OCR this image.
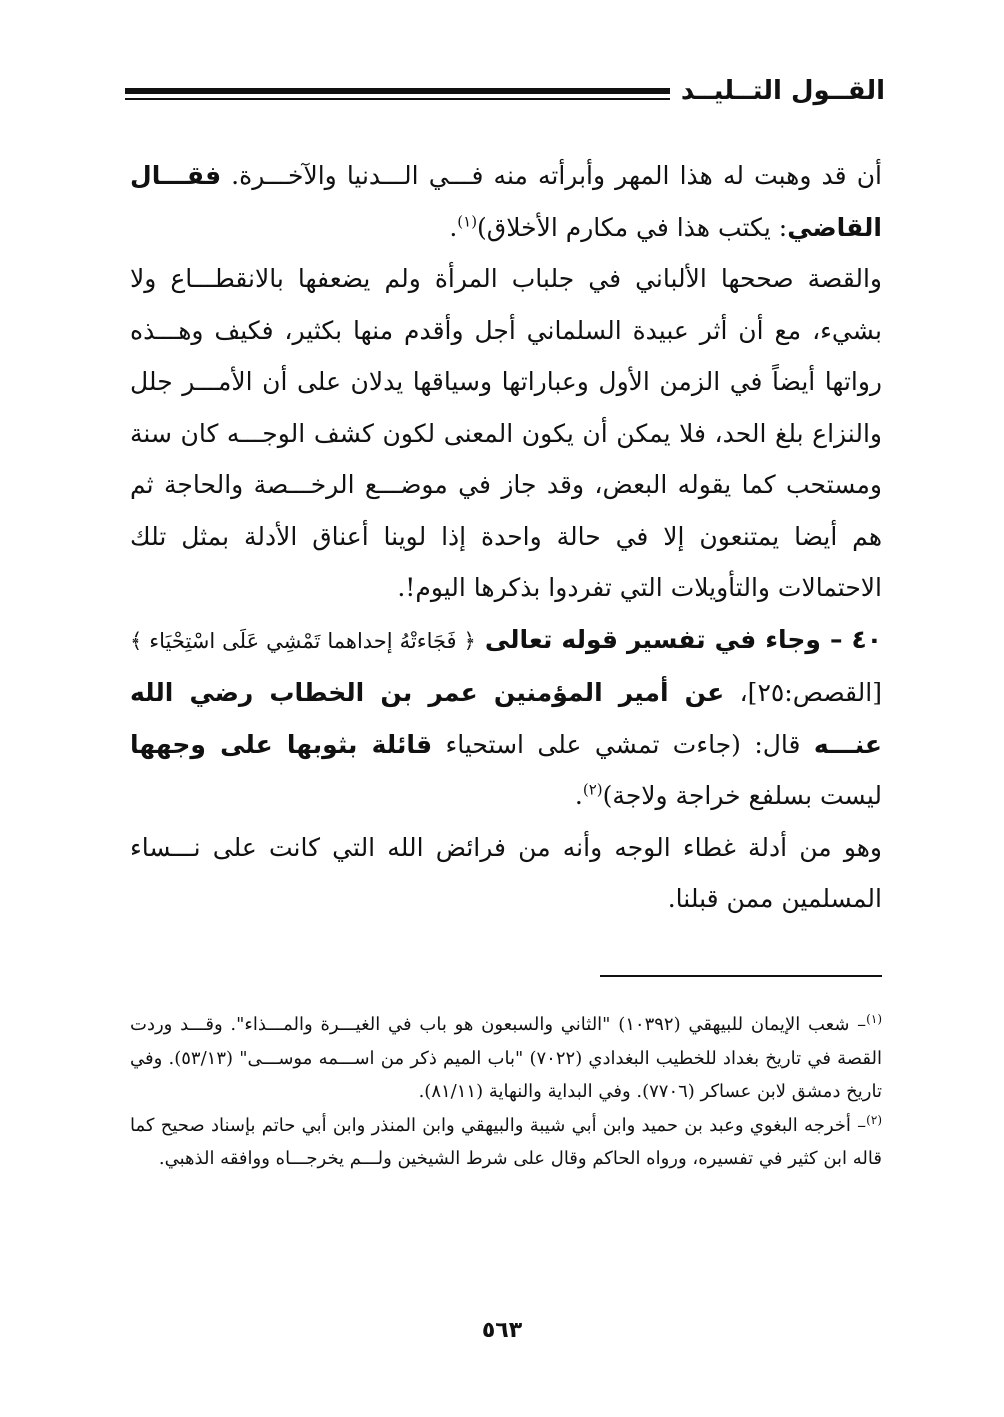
القــول التــليــد

أن قد وهبت له هذا المهر وأبرأته منه فـــي الـــدنيا والآخـــرة. فقـــال القاضي: يكتب هذا في مكارم الأخلاق)$^{(١)}$.

والقصة صححها الألباني في جلباب المرأة ولم يضعفها بالانقطـــاع ولا بشيء، مع أن أثر عبيدة السلماني أجل وأقدم منها بكثير، فكيف وهـــذه رواتها أيضاً في الزمن الأول وعباراتها وسياقها يدلان على أن الأمـــر جلل والنزاع بلغ الحد، فلا يمكن أن يكون المعنى لكون كشف الوجـــه كان سنة ومستحب كما يقوله البعض، وقد جاز في موضـــع الرخـــصة والحاجة ثم هم أيضا يمتنعون إلا في حالة واحدة إذا لوينا أعناق الأدلة بمثل تلك الاحتمالات والتأويلات التي تفردوا بذكرها اليوم!.

٤٠ – وجاء في تفسير قوله تعالى ﴿ فَجَاءتْهُ إحداهما تَمْشِي عَلَى اسْتِحْيَاء ﴾ [القصص:٢٥]، عن أمير المؤمنين عمر بن الخطاب رضي الله عنـــه قال: (جاءت تمشي على استحياء قائلة بثوبها على وجهها ليست بسلفع خراجة ولاجة)$^{(٢)}$.

وهو من أدلة غطاء الوجه وأنه من فرائض الله التي كانت على نـــساء المسلمين ممن قبلنا.

$^{(١)}$– شعب الإيمان للبيهقي (١٠٣٩٢) "الثاني والسبعون هو باب في الغيـــرة والمـــذاء". وقـــد وردت القصة في تاريخ بغداد للخطيب البغدادي (٧٠٢٢) "باب الميم ذكر من اســـمه موســـى" (٥٣/١٣). وفي تاريخ دمشق لابن عساكر (٧٧٠٦). وفي البداية والنهاية (٨١/١١).

$^{(٢)}$– أخرجه البغوي وعبد بن حميد وابن أبي شيبة والبيهقي وابن المنذر وابن أبي حاتم بإسناد صحيح كما قاله ابن كثير في تفسيره، ورواه الحاكم وقال على شرط الشيخين ولـــم يخرجـــاه ووافقه الذهبي.

٥٦٣
